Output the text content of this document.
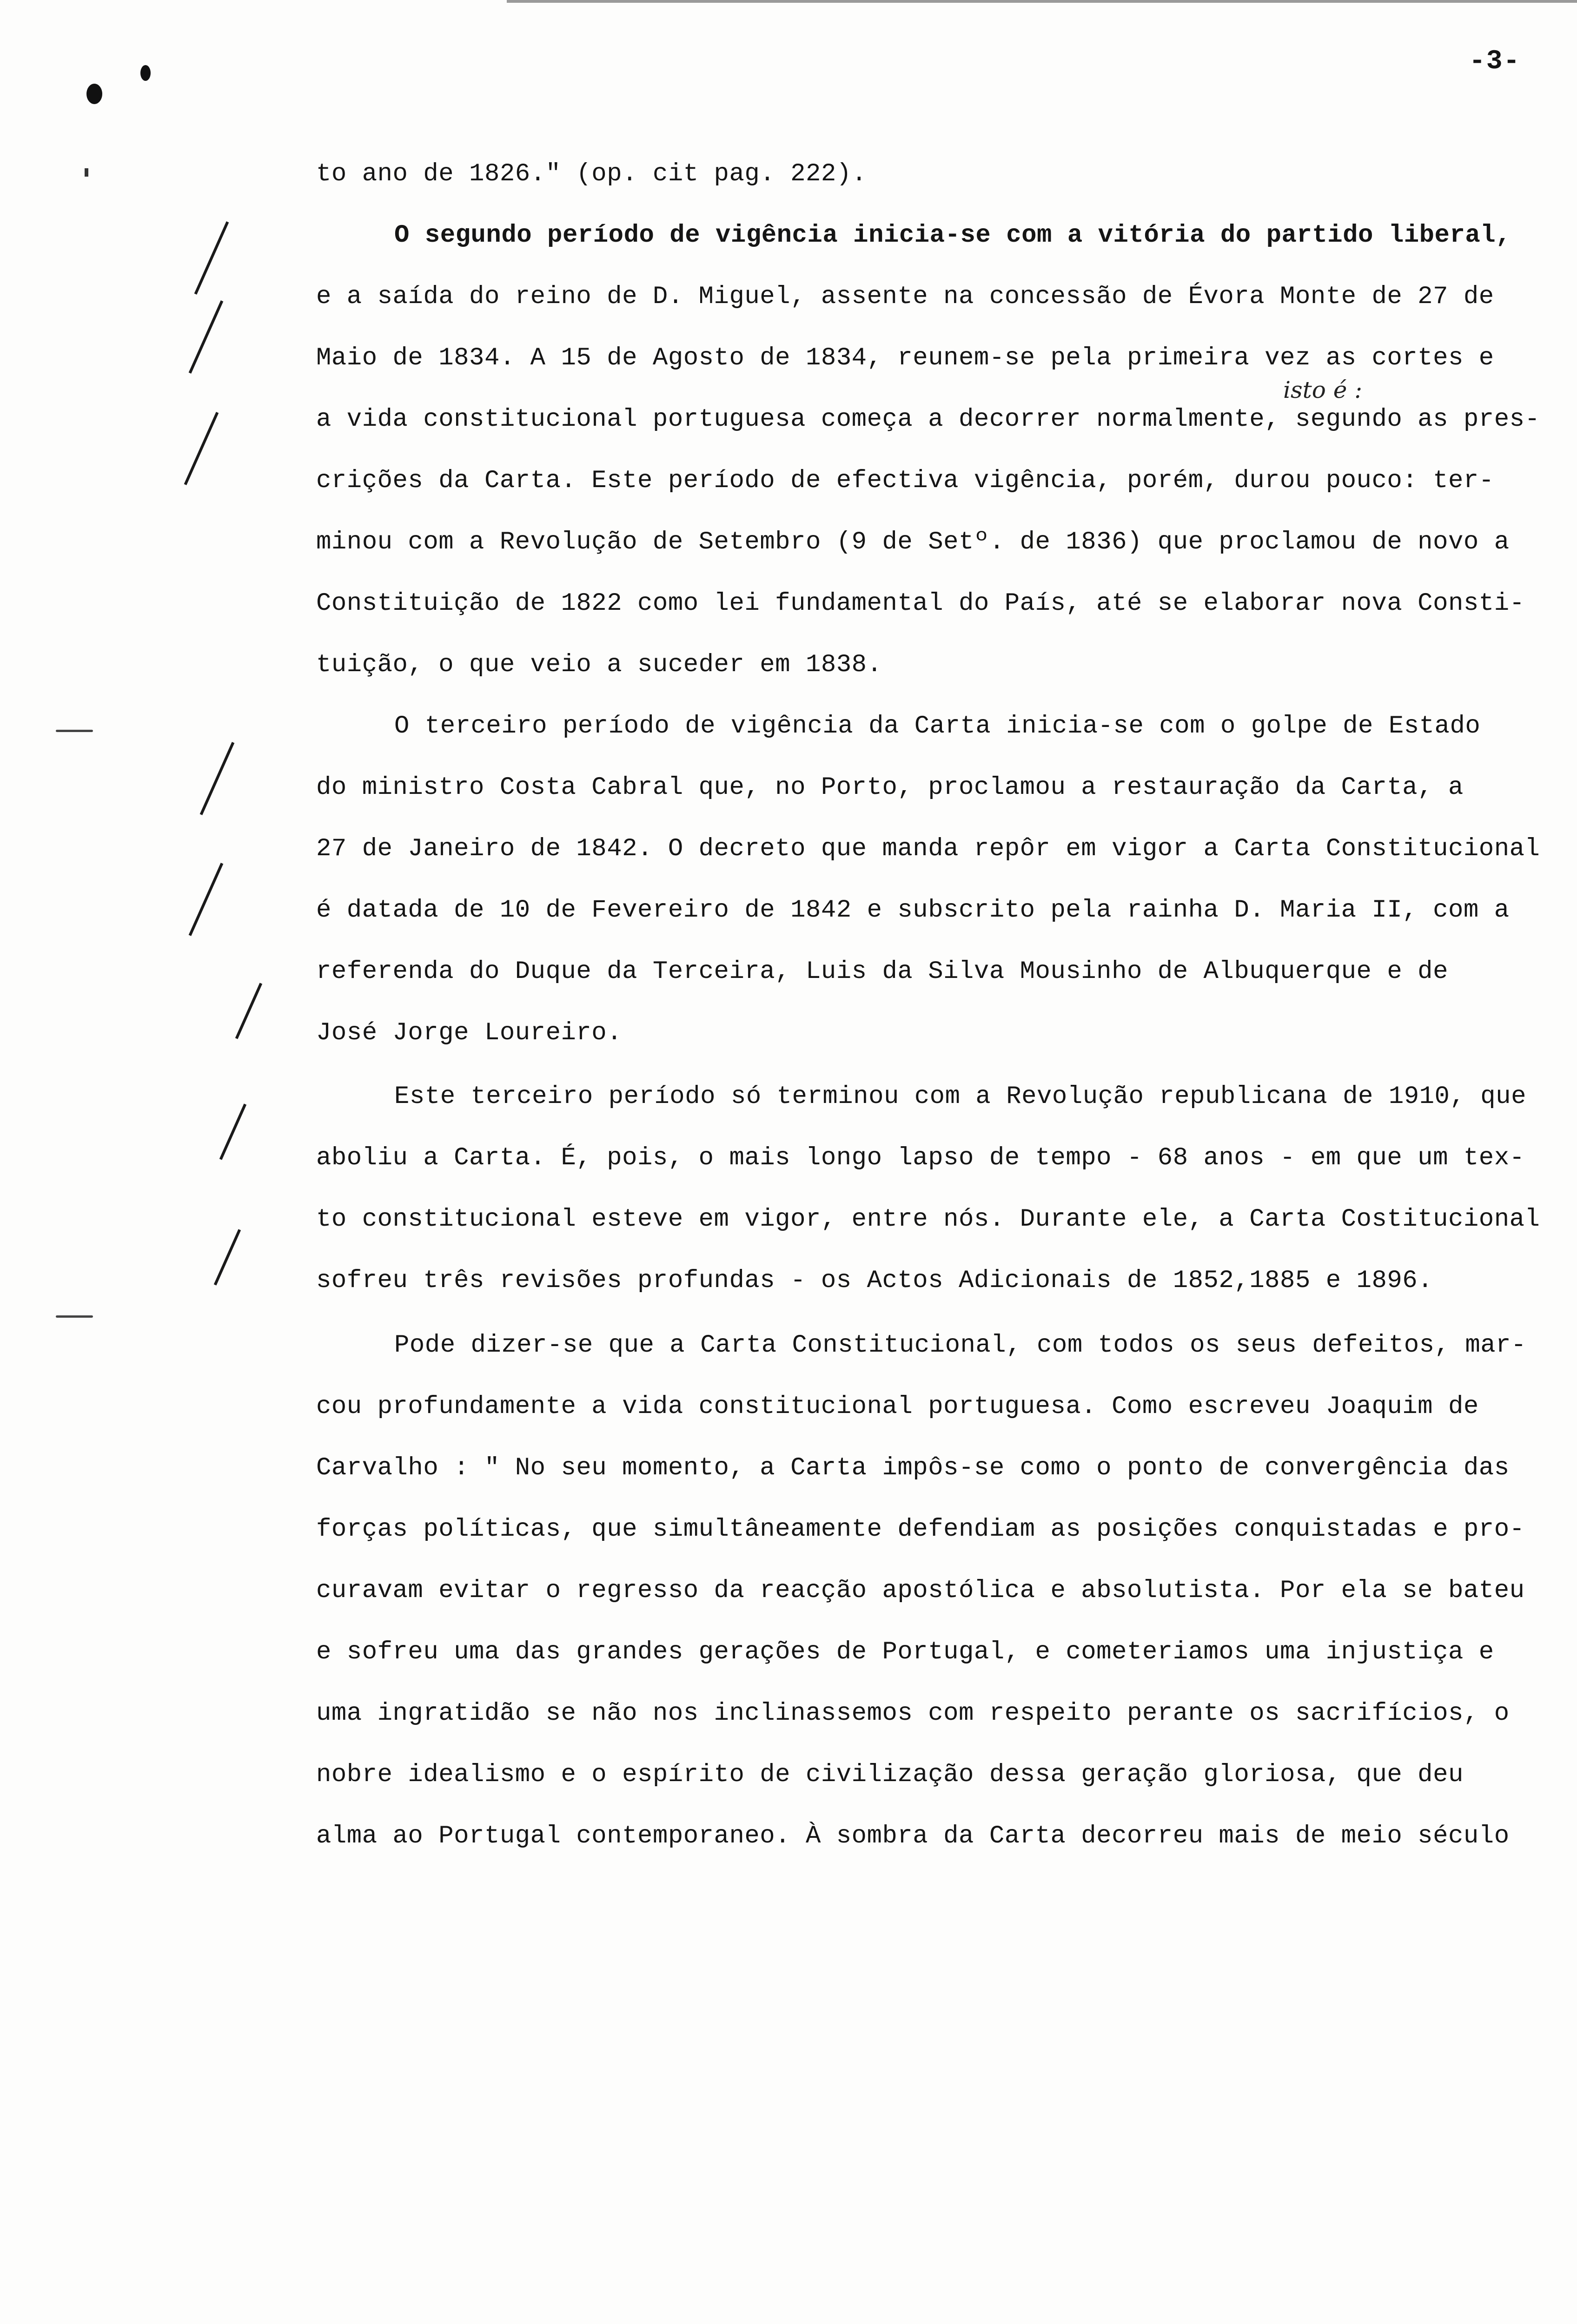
-3-
isto é :
to ano de 1826." (op. cit pag. 222).
O segundo período de vigência inicia-se com a vitória do partido liberal,
e a saída do reino de D. Miguel, assente na concessão de Évora Monte de 27 de
Maio de 1834. A 15 de Agosto de 1834, reunem-se pela primeira vez as cortes e
a vida constitucional portuguesa começa a decorrer normalmente, segundo as pres-
crições da Carta. Este período de efectiva vigência, porém, durou pouco: ter-
minou com a Revolução de Setembro (9 de Setº. de 1836) que proclamou de novo a
Constituição de 1822 como lei fundamental do País, até se elaborar nova Consti-
tuição, o que veio a suceder em 1838.
O terceiro período de vigência da Carta inicia-se com o golpe de Estado
do ministro Costa Cabral que, no Porto, proclamou a restauração da Carta, a
27 de Janeiro de 1842. O decreto que manda repôr em vigor a Carta Constitucional
é datada de 10 de Fevereiro de 1842 e subscrito pela rainha D. Maria II, com a
referenda do Duque da Terceira, Luis da Silva Mousinho de Albuquerque e de
José Jorge Loureiro.
Este terceiro período só terminou com a Revolução republicana de 1910, que
aboliu a Carta. É, pois, o mais longo lapso de tempo - 68 anos - em que um tex-
to constitucional esteve em vigor, entre nós. Durante ele, a Carta Costitucional
sofreu três revisões profundas - os Actos Adicionais de 1852,1885 e 1896.
Pode dizer-se que a Carta Constitucional, com todos os seus defeitos, mar-
cou profundamente a vida constitucional portuguesa. Como escreveu Joaquim de
Carvalho : " No seu momento, a Carta impôs-se como o ponto de convergência das
forças políticas, que simultâneamente defendiam as posições conquistadas e pro-
curavam evitar o regresso da reacção apostólica e absolutista. Por ela se bateu
e sofreu uma das grandes gerações de Portugal, e cometeriamos uma injustiça e
uma ingratidão se não nos inclinassemos com respeito perante os sacrifícios, o
nobre idealismo e o espírito de civilização dessa geração gloriosa, que deu
alma ao Portugal contemporaneo. À sombra da Carta decorreu mais de meio século
